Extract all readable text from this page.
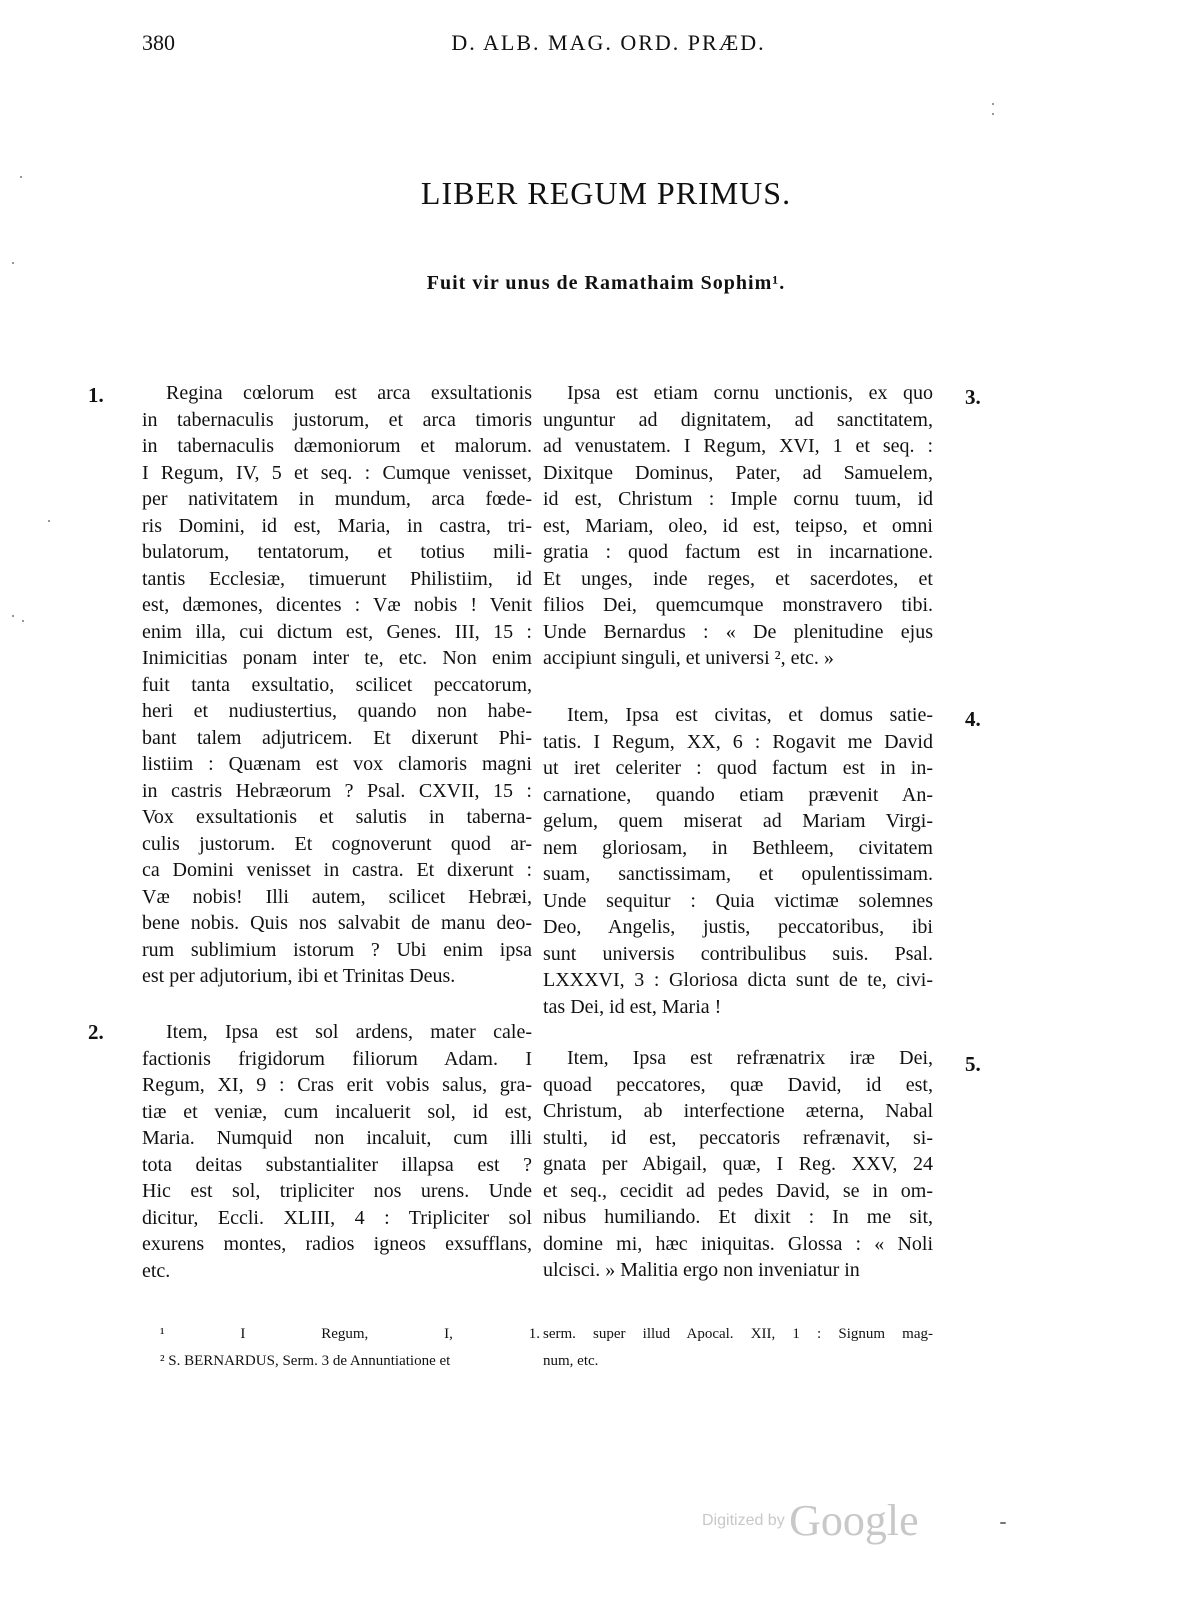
380	D. ALB. MAG. ORD. PRÆD.
LIBER REGUM PRIMUS.
Fuit vir unus de Ramathaim Sophim¹.
1.
2.
3.
4.
5.
Regina cœlorum est arca exsultationis
in tabernaculis justorum, et arca timoris
in tabernaculis dæmoniorum et malorum.
I Regum, IV, 5 et seq. : Cumque venisset,
per nativitatem in mundum, arca fœde-
ris Domini, id est, Maria, in castra, tri-
bulatorum, tentatorum, et totius mili-
tantis Ecclesiæ, timuerunt Philistiim, id
est, dæmones, dicentes : Væ nobis ! Venit
enim illa, cui dictum est, Genes. III, 15 :
Inimicitias ponam inter te, etc. Non enim
fuit tanta exsultatio, scilicet peccatorum,
heri et nudiustertius, quando non habe-
bant talem adjutricem. Et dixerunt Phi-
listiim : Quænam est vox clamoris magni
in castris Hebræorum ? Psal. CXVII, 15 :
Vox exsultationis et salutis in taberna-
culis justorum. Et cognoverunt quod ar-
ca Domini venisset in castra. Et dixerunt :
Væ nobis! Illi autem, scilicet Hebræi,
bene nobis. Quis nos salvabit de manu deo-
rum sublimium istorum ? Ubi enim ipsa
est per adjutorium, ibi et Trinitas Deus.
Item, Ipsa est sol ardens, mater cale-
factionis frigidorum filiorum Adam. I
Regum, XI, 9 : Cras erit vobis salus, gra-
tiæ et veniæ, cum incaluerit sol, id est,
Maria. Numquid non incaluit, cum illi
tota deitas substantialiter illapsa est ?
Hic est sol, tripliciter nos urens. Unde
dicitur, Eccli. XLIII, 4 : Tripliciter sol
exurens montes, radios igneos exsufflans,
etc.
Ipsa est etiam cornu unctionis, ex quo
unguntur ad dignitatem, ad sanctitatem,
ad venustatem. I Regum, XVI, 1 et seq. :
Dixitque Dominus, Pater, ad Samuelem,
id est, Christum : Imple cornu tuum, id
est, Mariam, oleo, id est, teipso, et omni
gratia : quod factum est in incarnatione.
Et unges, inde reges, et sacerdotes, et
filios Dei, quemcumque monstravero tibi.
Unde Bernardus : « De plenitudine ejus
accipiunt singuli, et universi ², etc. »
Item, Ipsa est civitas, et domus satie-
tatis. I Regum, XX, 6 : Rogavit me David
ut iret celeriter : quod factum est in in-
carnatione, quando etiam prævenit An-
gelum, quem miserat ad Mariam Virgi-
nem gloriosam, in Bethleem, civitatem
suam, sanctissimam, et opulentissimam.
Unde sequitur : Quia victimæ solemnes
Deo, Angelis, justis, peccatoribus, ibi
sunt universis contribulibus suis. Psal.
LXXXVI, 3 : Gloriosa dicta sunt de te, civi-
tas Dei, id est, Maria !
Item, Ipsa est refrænatrix iræ Dei,
quoad peccatores, quæ David, id est,
Christum, ab interfectione æterna, Nabal
stulti, id est, peccatoris refrænavit, si-
gnata per Abigail, quæ, I Reg. XXV, 24
et seq., cecidit ad pedes David, se in om-
nibus humiliando. Et dixit : In me sit,
domine mi, hæc iniquitas. Glossa : « Noli
ulcisci. » Malitia ergo non inveniatur in
¹ I Regum, I, 1.
² S. BERNARDUS, Serm. 3 de Annuntiatione et
serm. super illud Apocal. XII, 1 : Signum mag-
num, etc.
Digitized by Google
